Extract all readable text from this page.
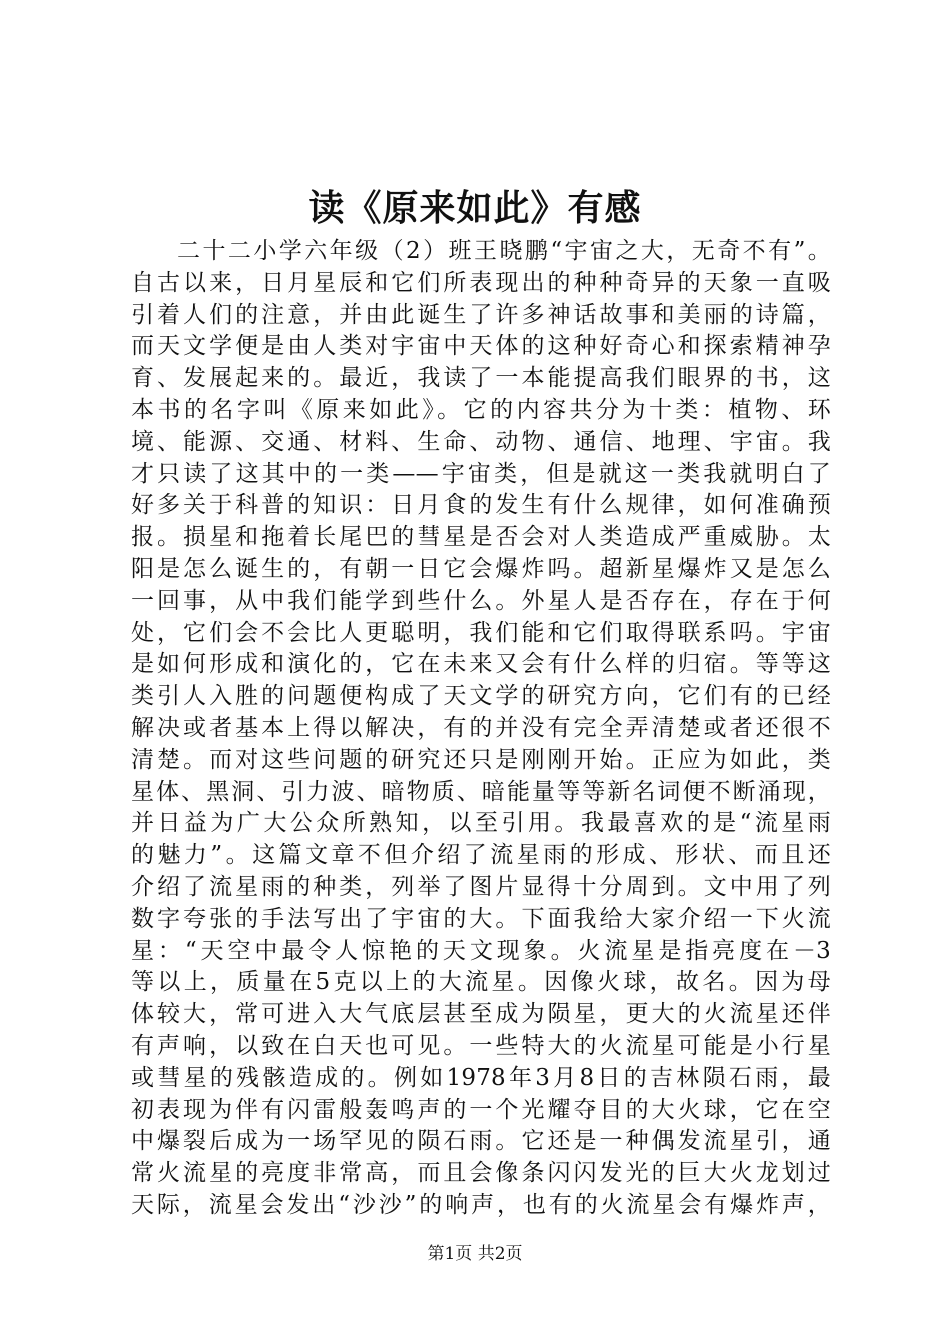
读《原来如此》有感
二十二小学六年级（2）班王晓鹏“宇宙之大，无奇不有”。
自古以来，日月星辰和它们所表现出的种种奇异的天象一直吸
引着人们的注意，并由此诞生了许多神话故事和美丽的诗篇，
而天文学便是由人类对宇宙中天体的这种好奇心和探索精神孕
育、发展起来的。最近，我读了一本能提高我们眼界的书，这
本书的名字叫《原来如此》。它的内容共分为十类：植物、环
境、能源、交通、材料、生命、动物、通信、地理、宇宙。我
才只读了这其中的一类——宇宙类，但是就这一类我就明白了
好多关于科普的知识：日月食的发生有什么规律，如何准确预
报。损星和拖着长尾巴的彗星是否会对人类造成严重威胁。太
阳是怎么诞生的，有朝一日它会爆炸吗。超新星爆炸又是怎么
一回事，从中我们能学到些什么。外星人是否存在，存在于何
处，它们会不会比人更聪明，我们能和它们取得联系吗。宇宙
是如何形成和演化的，它在未来又会有什么样的归宿。等等这
类引人入胜的问题便构成了天文学的研究方向，它们有的已经
解决或者基本上得以解决，有的并没有完全弄清楚或者还很不
清楚。而对这些问题的研究还只是刚刚开始。正应为如此，类
星体、黑洞、引力波、暗物质、暗能量等等新名词便不断涌现，
并日益为广大公众所熟知，以至引用。我最喜欢的是“流星雨
的魅力”。这篇文章不但介绍了流星雨的形成、形状、而且还
介绍了流星雨的种类，列举了图片显得十分周到。文中用了列
数字夸张的手法写出了宇宙的大。下面我给大家介绍一下火流
星：“天空中最令人惊艳的天文现象。火流星是指亮度在－3
等以上，质量在5克以上的大流星。因像火球，故名。因为母
体较大，常可进入大气底层甚至成为陨星，更大的火流星还伴
有声响，以致在白天也可见。一些特大的火流星可能是小行星
或彗星的残骸造成的。例如1978年3月8日的吉林陨石雨，最
初表现为伴有闪雷般轰鸣声的一个光耀夺目的大火球，它在空
中爆裂后成为一场罕见的陨石雨。它还是一种偶发流星引，通
常火流星的亮度非常高，而且会像条闪闪发光的巨大火龙划过
天际，流星会发出“沙沙”的响声，也有的火流星会有爆炸声，

第1页 共2页
